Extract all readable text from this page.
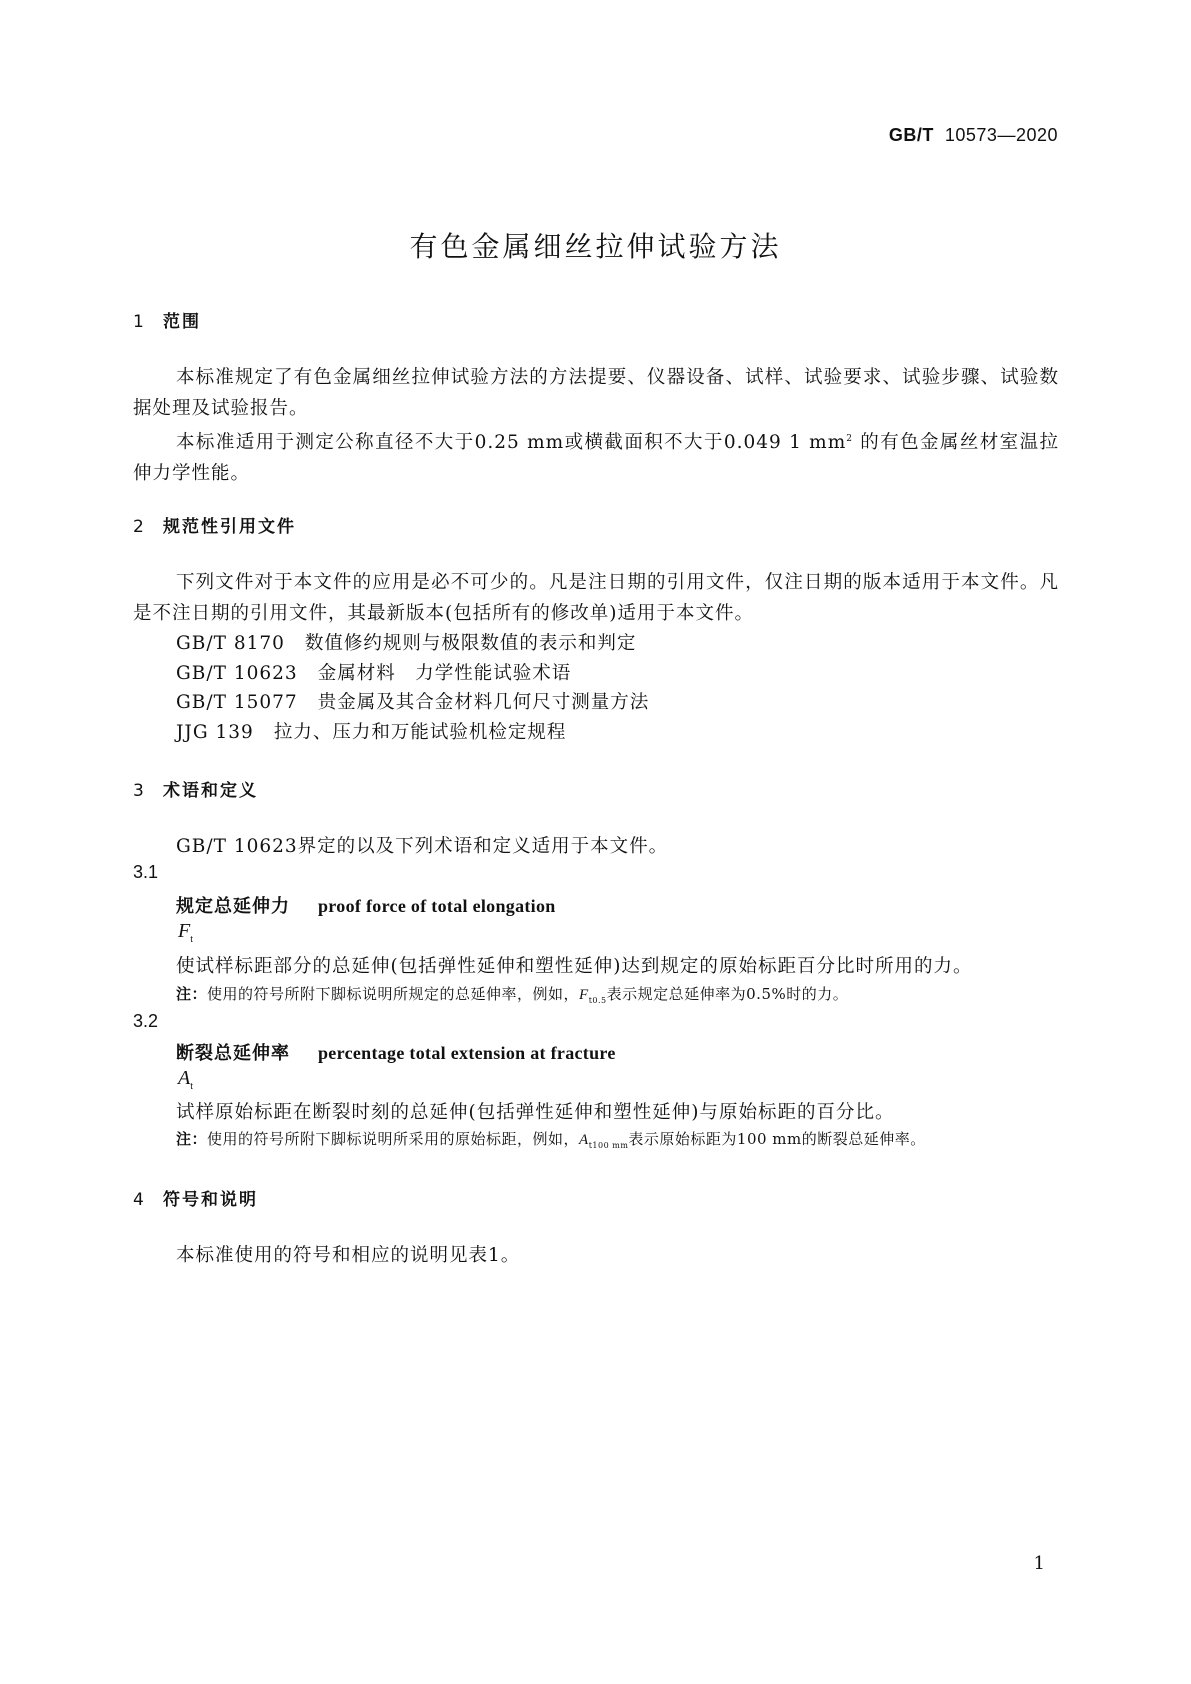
GB/T 10573—2020
有色金属细丝拉伸试验方法
1 范围
本标准规定了有色金属细丝拉伸试验方法的方法提要、仪器设备、试样、试验要求、试验步骤、试验数据处理及试验报告。
本标准适用于测定公称直径不大于0.25 mm或横截面积不大于0.049 1 $mm^2$ 的有色金属丝材室温拉伸力学性能。
2 规范性引用文件
下列文件对于本文件的应用是必不可少的。凡是注日期的引用文件，仅注日期的版本适用于本文件。凡是不注日期的引用文件，其最新版本(包括所有的修改单)适用于本文件。
GB/T 8170 数值修约规则与极限数值的表示和判定
GB/T 10623 金属材料　力学性能试验术语
GB/T 15077 贵金属及其合金材料几何尺寸测量方法
JJG 139 拉力、压力和万能试验机检定规程
3 术语和定义
GB/T 10623界定的以及下列术语和定义适用于本文件。
3.1
规定总延伸力 proof force of total elongation
$F_t$
使试样标距部分的总延伸(包括弹性延伸和塑性延伸)达到规定的原始标距百分比时所用的力。
注：使用的符号所附下脚标说明所规定的总延伸率，例如，$F_{t0.5}$表示规定总延伸率为0.5%时的力。
3.2
断裂总延伸率 percentage total extension at fracture
$A_t$
试样原始标距在断裂时刻的总延伸(包括弹性延伸和塑性延伸)与原始标距的百分比。
注：使用的符号所附下脚标说明所采用的原始标距，例如，$A_{t100 mm}$表示原始标距为100 mm的断裂总延伸率。
4 符号和说明
本标准使用的符号和相应的说明见表1。
1
